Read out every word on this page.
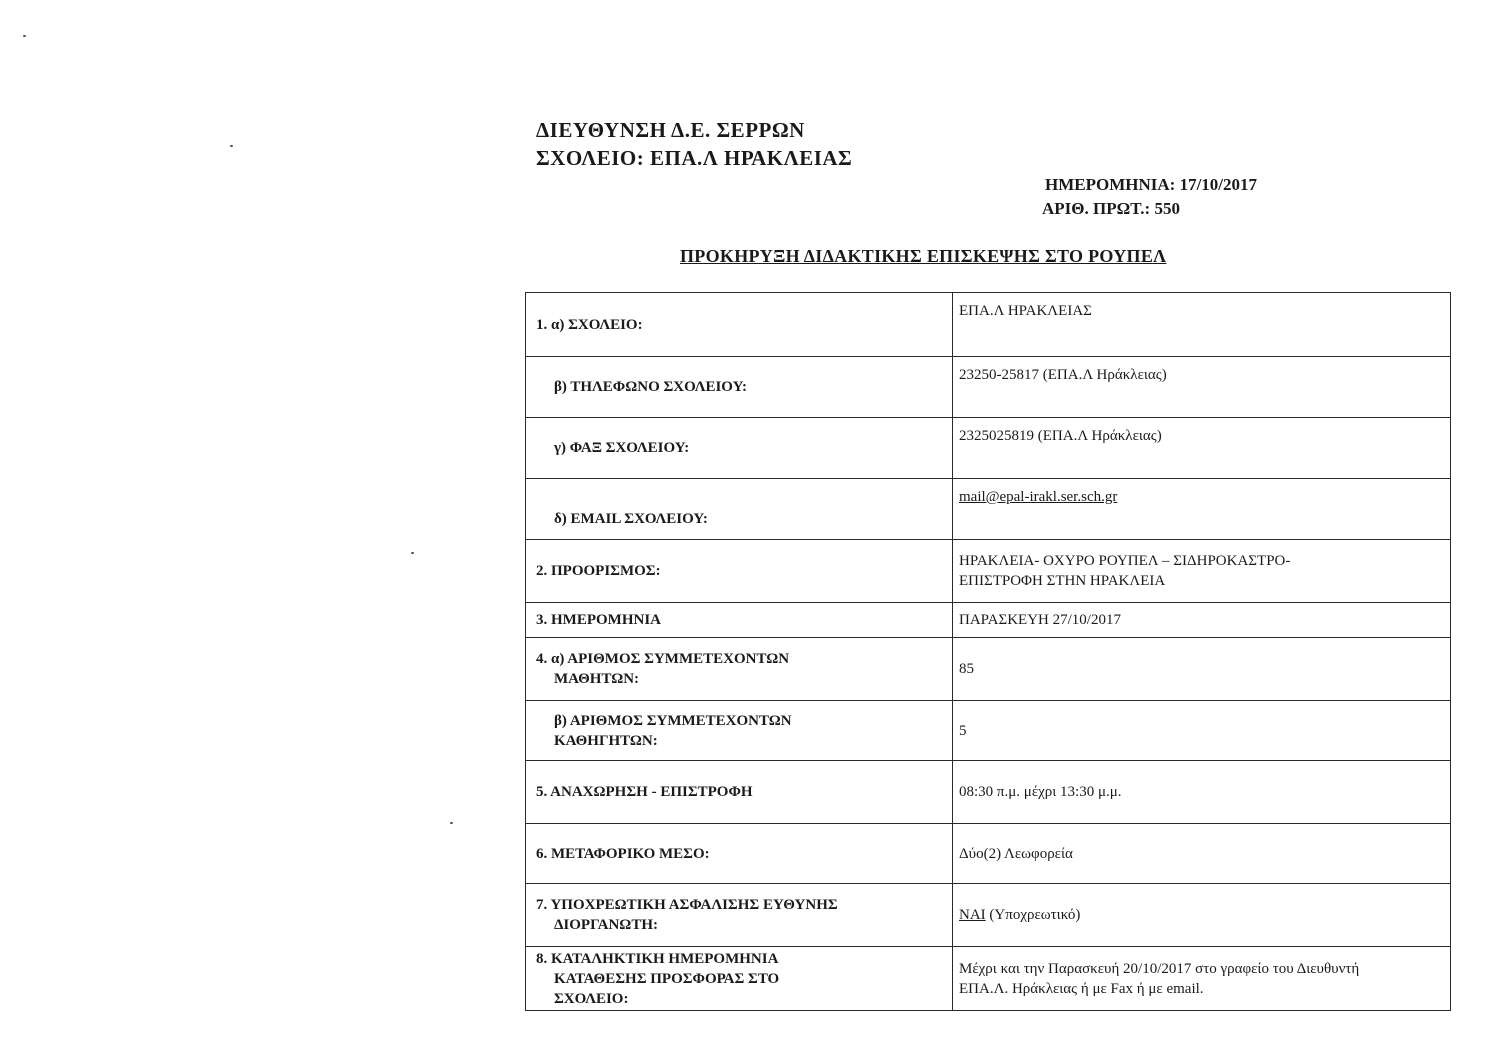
ΔΙΕΥΘΥΝΣΗ Δ.Ε. ΣΕΡΡΩΝ
ΣΧΟΛΕΙΟ: ΕΠΑ.Λ ΗΡΑΚΛΕΙΑΣ
ΗΜΕΡΟΜΗΝΙΑ: 17/10/2017
ΑΡΙΘ. ΠΡΩΤ.: 550
ΠΡΟΚΗΡΥΞΗ ΔΙΔΑΚΤΙΚΗΣ ΕΠΙΣΚΕΨΗΣ ΣΤΟ ΡΟΥΠΕΛ
1. α) ΣΧΟΛΕΙΟ:	ΕΠΑ.Λ ΗΡΑΚΛΕΙΑΣ
β) ΤΗΛΕΦΩΝΟ ΣΧΟΛΕΙΟΥ:	23250-25817 (ΕΠΑ.Λ Ηράκλειας)
γ) ΦΑΞ ΣΧΟΛΕΙΟΥ:	2325025819 (ΕΠΑ.Λ Ηράκλειας)
δ) EMAIL ΣΧΟΛΕΙΟΥ:	mail@epal-irakl.ser.sch.gr
2. ΠΡΟΟΡΙΣΜΟΣ:	ΗΡΑΚΛΕΙΑ- ΟΧΥΡΟ ΡΟΥΠΕΛ – ΣΙΔΗΡΟΚΑΣΤΡΟ-
ΕΠΙΣΤΡΟΦΗ ΣΤΗΝ ΗΡΑΚΛΕΙΑ

3. ΗΜΕΡΟΜΗΝΙΑ	ΠΑΡΑΣΚΕΥΗ 27/10/2017

4. α) ΑΡΙΘΜΟΣ ΣΥΜΜΕΤΕΧΟΝΤΩΝ
ΜΑΘΗΤΩΝ:	85

β) ΑΡΙΘΜΟΣ ΣΥΜΜΕΤΕΧΟΝΤΩΝ
ΚΑΘΗΓΗΤΩΝ:	5
5. ΑΝΑΧΩΡΗΣΗ - ΕΠΙΣΤΡΟΦΗ	08:30 π.μ. μέχρι 13:30 μ.μ.
6. ΜΕΤΑΦΟΡΙΚΟ ΜΕΣΟ:	Δύο(2) Λεωφορεία

7. ΥΠΟΧΡΕΩΤΙΚΗ ΑΣΦΑΛΙΣΗΣ ΕΥΘΥΝΗΣ
ΔΙΟΡΓΑΝΩΤΗ:	ΝΑΙ (Υποχρεωτικό)

8. ΚΑΤΑΛΗΚΤΙΚΗ ΗΜΕΡΟΜΗΝΙΑ
ΚΑΤΑΘΕΣΗΣ ΠΡΟΣΦΟΡΑΣ ΣΤΟ
ΣΧΟΛΕΙΟ:	Μέχρι και την Παρασκευή 20/10/2017 στο γραφείο του Διευθυντή
ΕΠΑ.Λ. Ηράκλειας ή με Fax ή με email.
